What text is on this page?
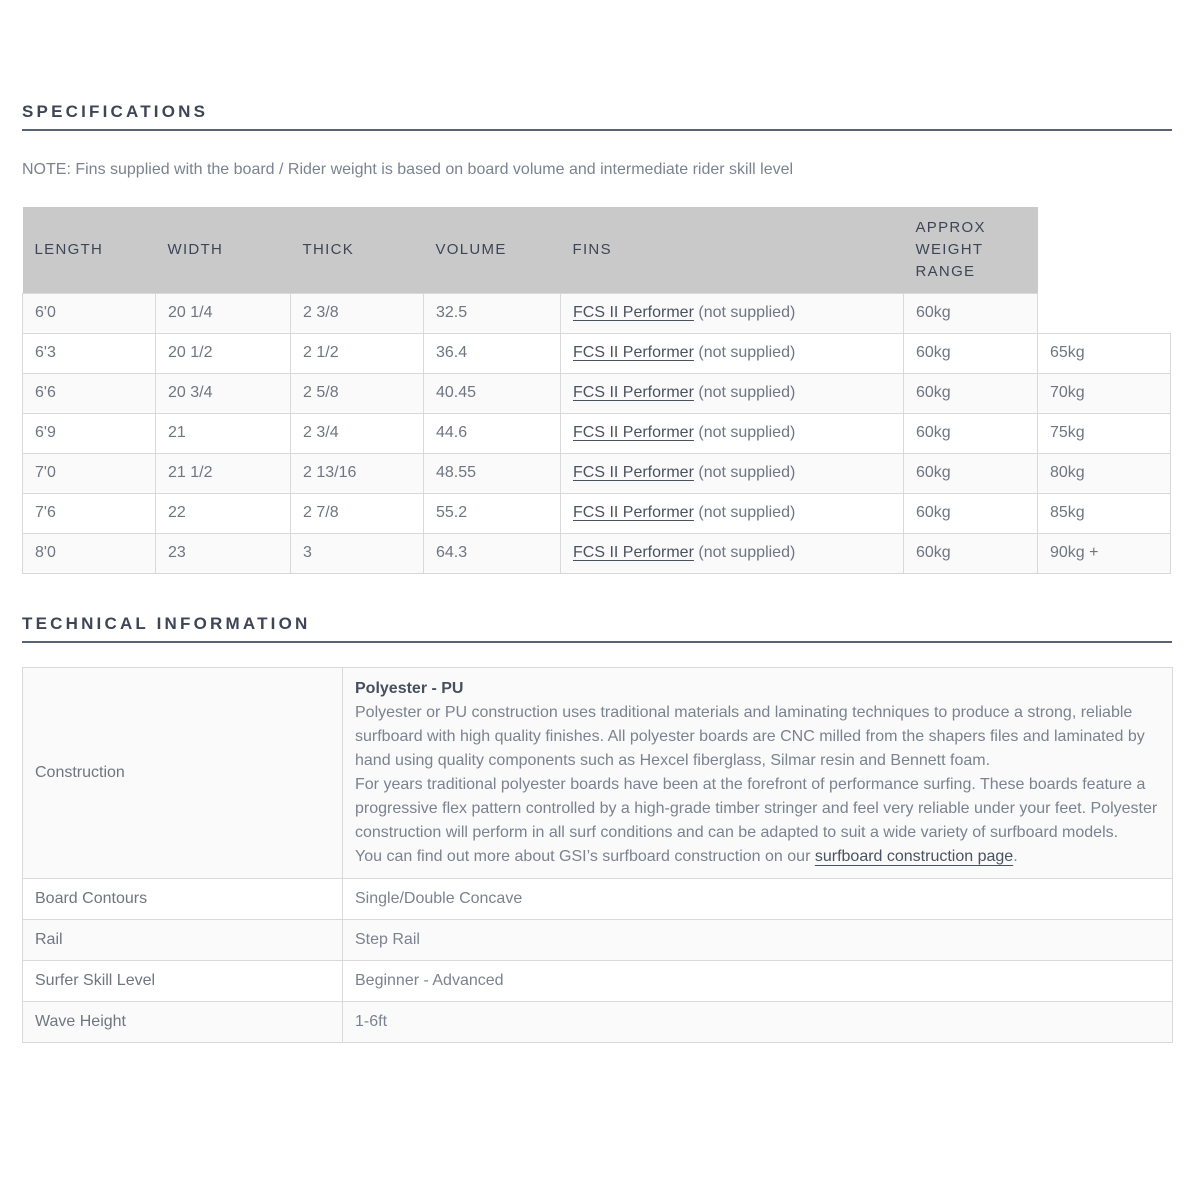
SPECIFICATIONS

NOTE: Fins supplied with the board / Rider weight is based on board volume and intermediate rider skill level

LENGTH	WIDTH	THICK	VOLUME	FINS	APPROX WEIGHT RANGE	
6'0	20 1/4	2 3/8	32.5	FCS II Performer (not supplied)	60kg	
6'3	20 1/2	2 1/2	36.4	FCS II Performer (not supplied)	60kg	65kg
6'6	20 3/4	2 5/8	40.45	FCS II Performer (not supplied)	60kg	70kg
6'9	21	2 3/4	44.6	FCS II Performer (not supplied)	60kg	75kg
7'0	21 1/2	2 13/16	48.55	FCS II Performer (not supplied)	60kg	80kg
7'6	22	2 7/8	55.2	FCS II Performer (not supplied)	60kg	85kg
8'0	23	3	64.3	FCS II Performer (not supplied)	60kg	90kg +
TECHNICAL INFORMATION
Construction	Polyester - PU
Polyester or PU construction uses traditional materials and laminating techniques to produce a strong, reliable surfboard with high quality finishes. All polyester boards are CNC milled from the shapers files and laminated by hand using quality components such as Hexcel fiberglass, Silmar resin and Bennett foam.
For years traditional polyester boards have been at the forefront of performance surfing. These boards feature a progressive flex pattern controlled by a high-grade timber stringer and feel very reliable under your feet. Polyester construction will perform in all surf conditions and can be adapted to suit a wide variety of surfboard models.
You can find out more about GSI’s surfboard construction on our surfboard construction page.

Board Contours	Single/Double Concave
Rail	Step Rail
Surfer Skill Level	Beginner - Advanced
Wave Height	1-6ft
